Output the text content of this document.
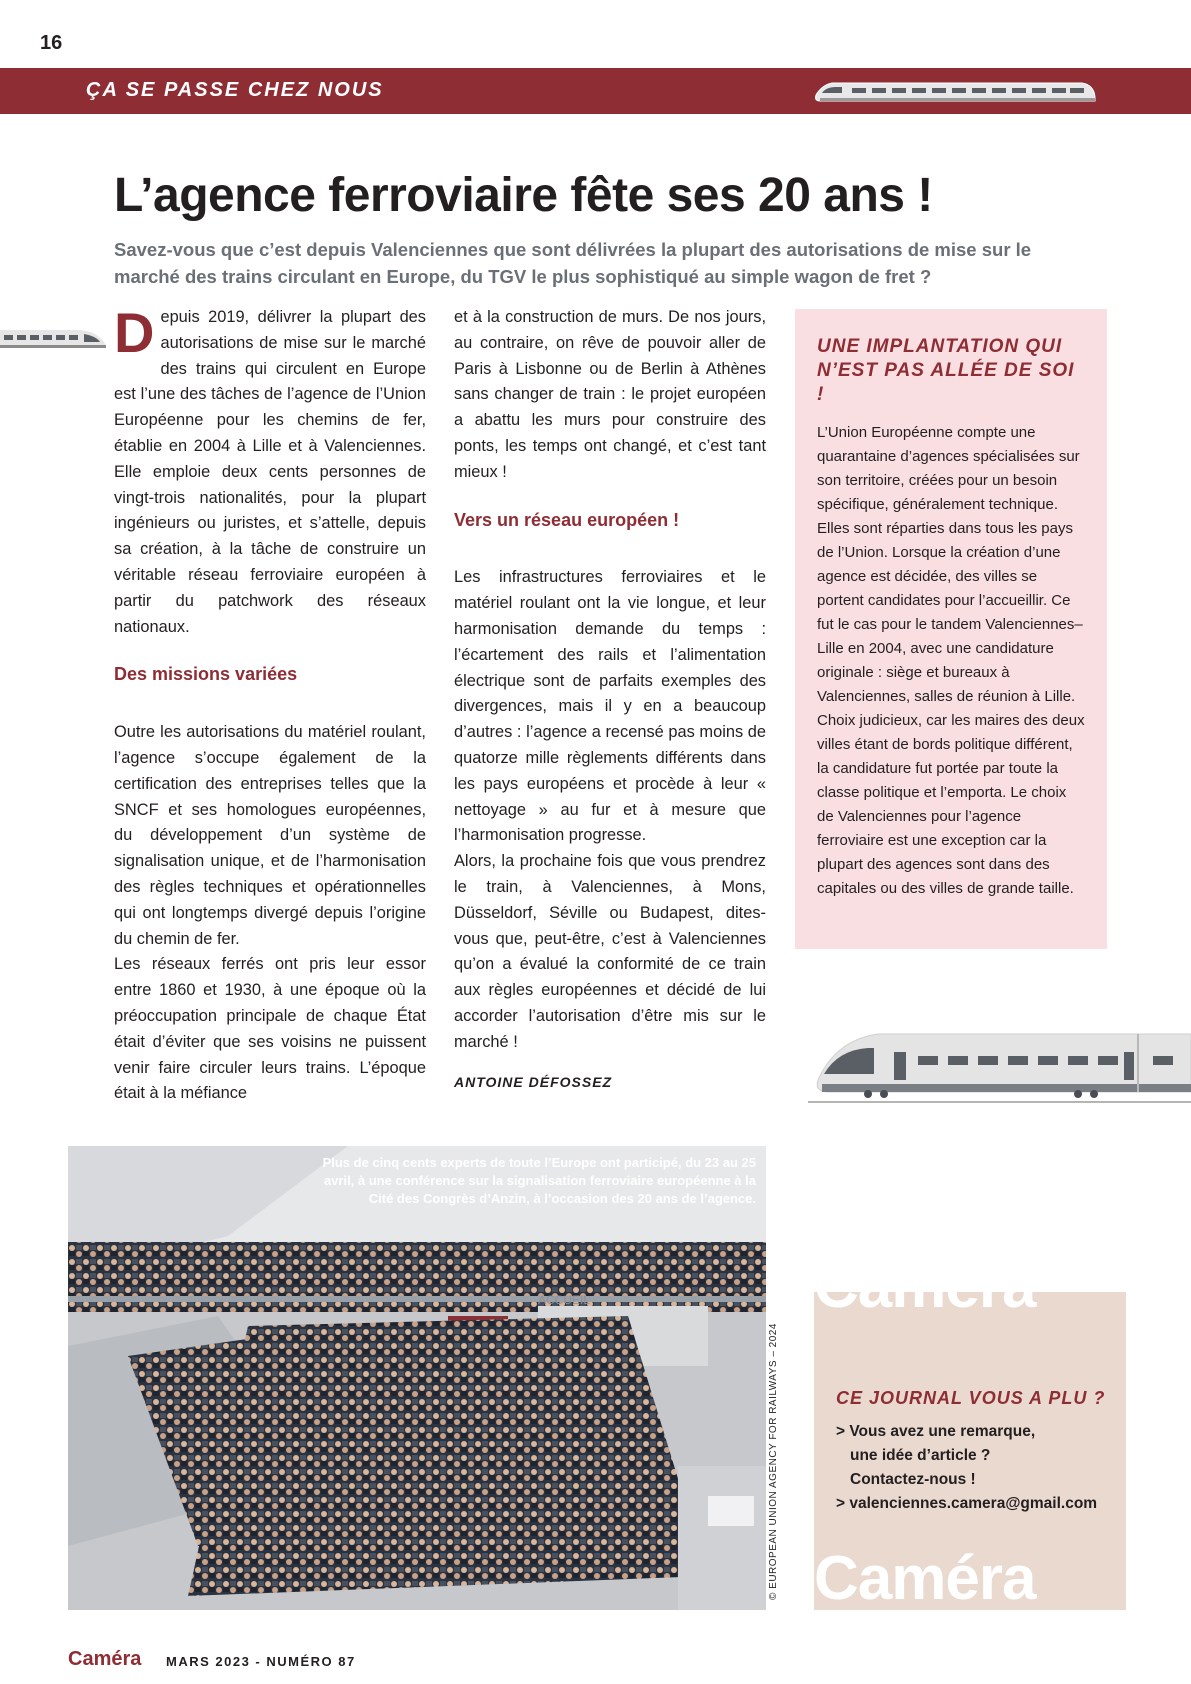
16
ÇA SE PASSE CHEZ NOUS
L’agence ferroviaire fête ses 20 ans !

Savez-vous que c’est depuis Valenciennes que sont délivrées la plupart des autorisations de mise sur le marché des trains circulant en Europe, du TGV le plus sophistiqué au simple wagon de fret ?

Depuis 2019, délivrer la plupart des autorisations de mise sur le marché des trains qui circulent en Europe est l’une des tâches de l’agence de l’Union Européenne pour les chemins de fer, établie en 2004 à Lille et à Valenciennes. Elle emploie deux cents personnes de vingt-trois nationalités, pour la plupart ingénieurs ou juristes, et s’attelle, depuis sa création, à la tâche de construire un véritable réseau ferroviaire européen à partir du patchwork des réseaux nationaux.

Des missions variées

Outre les autorisations du matériel roulant, l’agence s’occupe également de la certification des entreprises telles que la SNCF et ses homologues européennes, du développement d’un système de signalisation unique, et de l’harmonisation des règles techniques et opérationnelles qui ont longtemps divergé depuis l’origine du chemin de fer.

Les réseaux ferrés ont pris leur essor entre 1860 et 1930, à une époque où la préoccupation principale de chaque État était d’éviter que ses voisins ne puissent venir faire circuler leurs trains. L’époque était à la méfiance

et à la construction de murs. De nos jours, au contraire, on rêve de pouvoir aller de Paris à Lisbonne ou de Berlin à Athènes sans changer de train : le projet européen a abattu les murs pour construire des ponts, les temps ont changé, et c’est tant mieux !

Vers un réseau européen !

Les infrastructures ferroviaires et le matériel roulant ont la vie longue, et leur harmonisation demande du temps : l’écartement des rails et l’alimentation électrique sont de parfaits exemples des divergences, mais il y en a beaucoup d’autres : l’agence a recensé pas moins de quatorze mille règlements différents dans les pays européens et procède à leur « nettoyage » au fur et à mesure que l’harmonisation progresse.

Alors, la prochaine fois que vous prendrez le train, à Valenciennes, à Mons, Düsseldorf, Séville ou Budapest, dites-vous que, peut-être, c’est à Valenciennes qu’on a évalué la conformité de ce train aux règles européennes et décidé de lui accorder l’autorisation d’être mis sur le marché !

ANTOINE DÉFOSSEZ
UNE IMPLANTATION QUI N’EST PAS ALLÉE DE SOI !
L’Union Européenne compte une quarantaine d’agences spécialisées sur son territoire, créées pour un besoin spécifique, généralement technique.
Elles sont réparties dans tous les pays de l’Union. Lorsque la création d’une agence est décidée, des villes se portent candidates pour l’accueillir. Ce fut le cas pour le tandem Valenciennes–Lille en 2004, avec une candidature originale : siège et bureaux à Valenciennes, salles de réunion à Lille. Choix judicieux, car les maires des deux villes étant de bords politique différent, la candidature fut portée par toute la classe politique et l’emporta. Le choix de Valenciennes pour l’agence ferroviaire est une exception car la plupart des agences sont dans des capitales ou des villes de grande taille.
ACCUEIL
Plus de cinq cents experts de toute l’Europe ont participé, du 23 au 25 avril, à une conférence sur la signalisation ferroviaire européenne à la Cité des Congrès d’Anzin, à l’occasion des 20 ans de l’agence.
© EUROPEAN UNION AGENCY FOR RAILWAYS – 2024
Caméra
CE JOURNAL VOUS A PLU ?
> Vous avez une remarque,
une idée d’article ?
Contactez-nous !
> valenciennes.camera@gmail.com
Caméra
Caméra MARS 2023 - NUMÉRO 87
